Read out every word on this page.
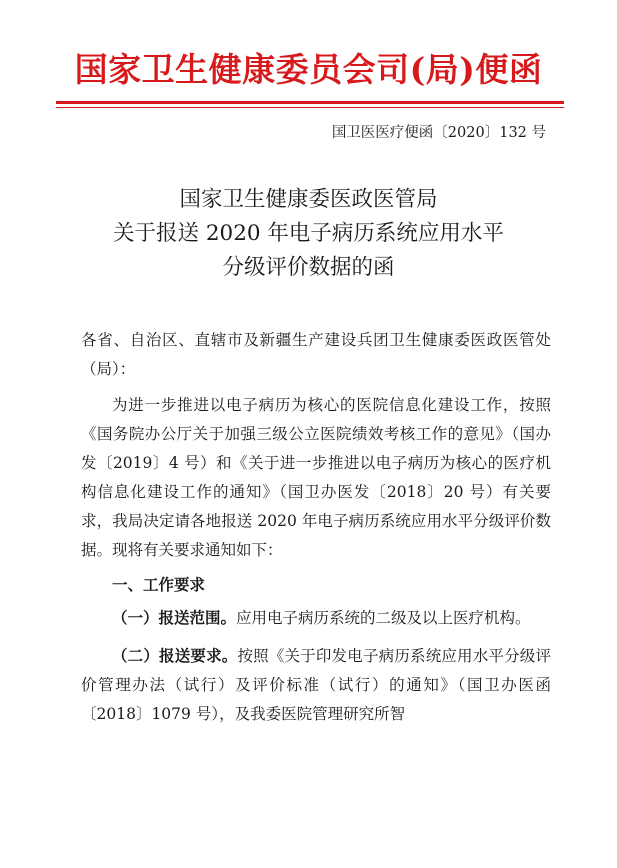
国家卫生健康委员会司(局)便函
国卫医医疗便函〔2020〕132 号
国家卫生健康委医政医管局
关于报送 2020 年电子病历系统应用水平
分级评价数据的函

各省、自治区、直辖市及新疆生产建设兵团卫生健康委医政医管处（局）：

为进一步推进以电子病历为核心的医院信息化建设工作，按照《国务院办公厅关于加强三级公立医院绩效考核工作的意见》（国办发〔2019〕4 号）和《关于进一步推进以电子病历为核心的医疗机构信息化建设工作的通知》（国卫办医发〔2018〕20 号）有关要求，我局决定请各地报送 2020 年电子病历系统应用水平分级评价数据。现将有关要求通知如下：

一、工作要求

（一）报送范围。应用电子病历系统的二级及以上医疗机构。

（二）报送要求。按照《关于印发电子病历系统应用水平分级评价管理办法（试行）及评价标准（试行）的通知》（国卫办医函〔2018〕1079 号），及我委医院管理研究所智
